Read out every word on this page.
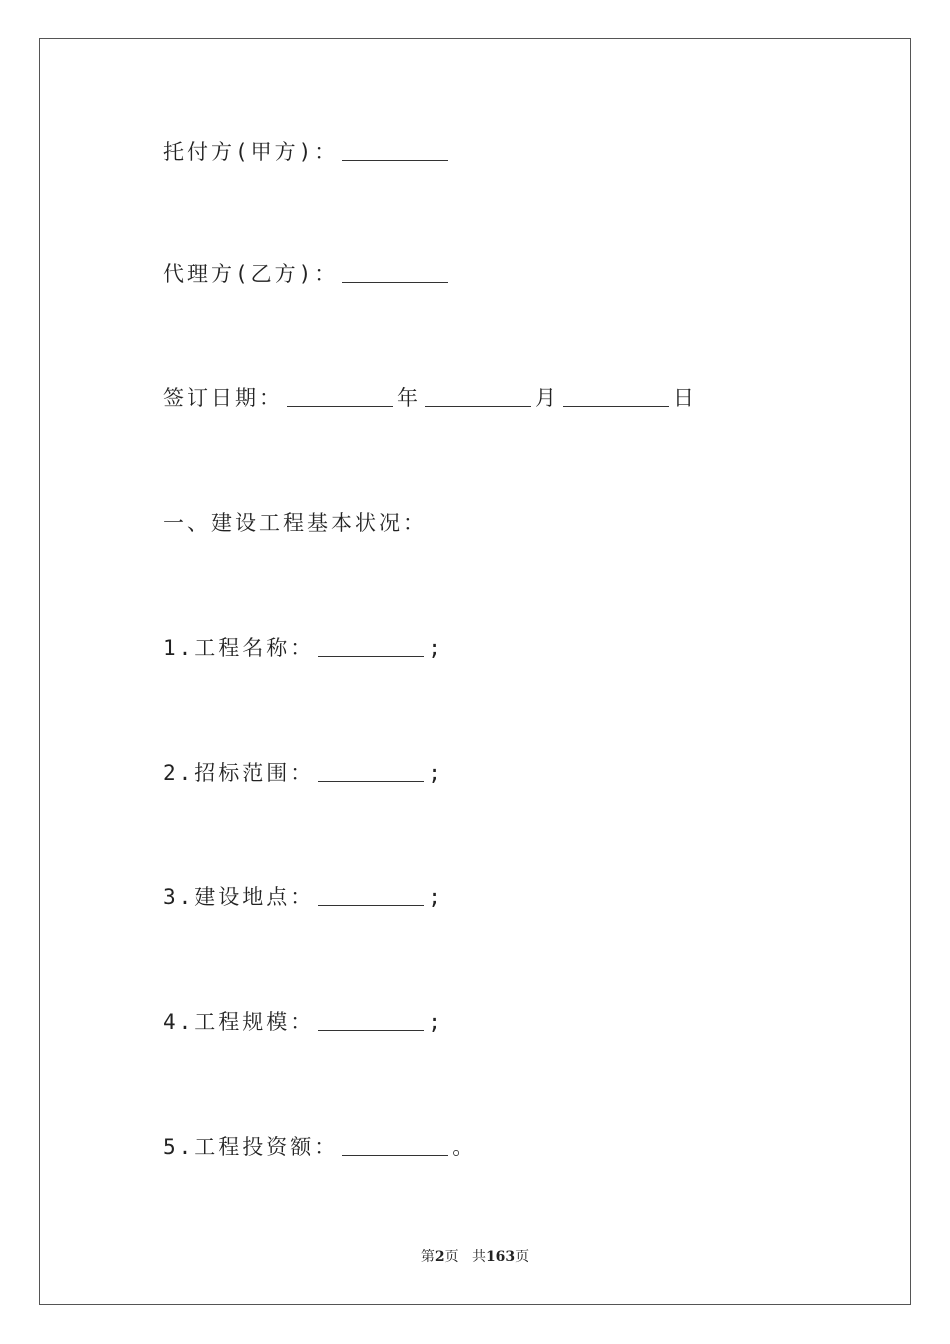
托付方(甲方)：
代理方(乙方)：
签订日期：	年	月	日
一、建设工程基本状况：
1.工程名称：	;
2.招标范围：	;
3.建设地点：	;
4.工程规模：	;
5.工程投资额：	。
第2页 共163页
